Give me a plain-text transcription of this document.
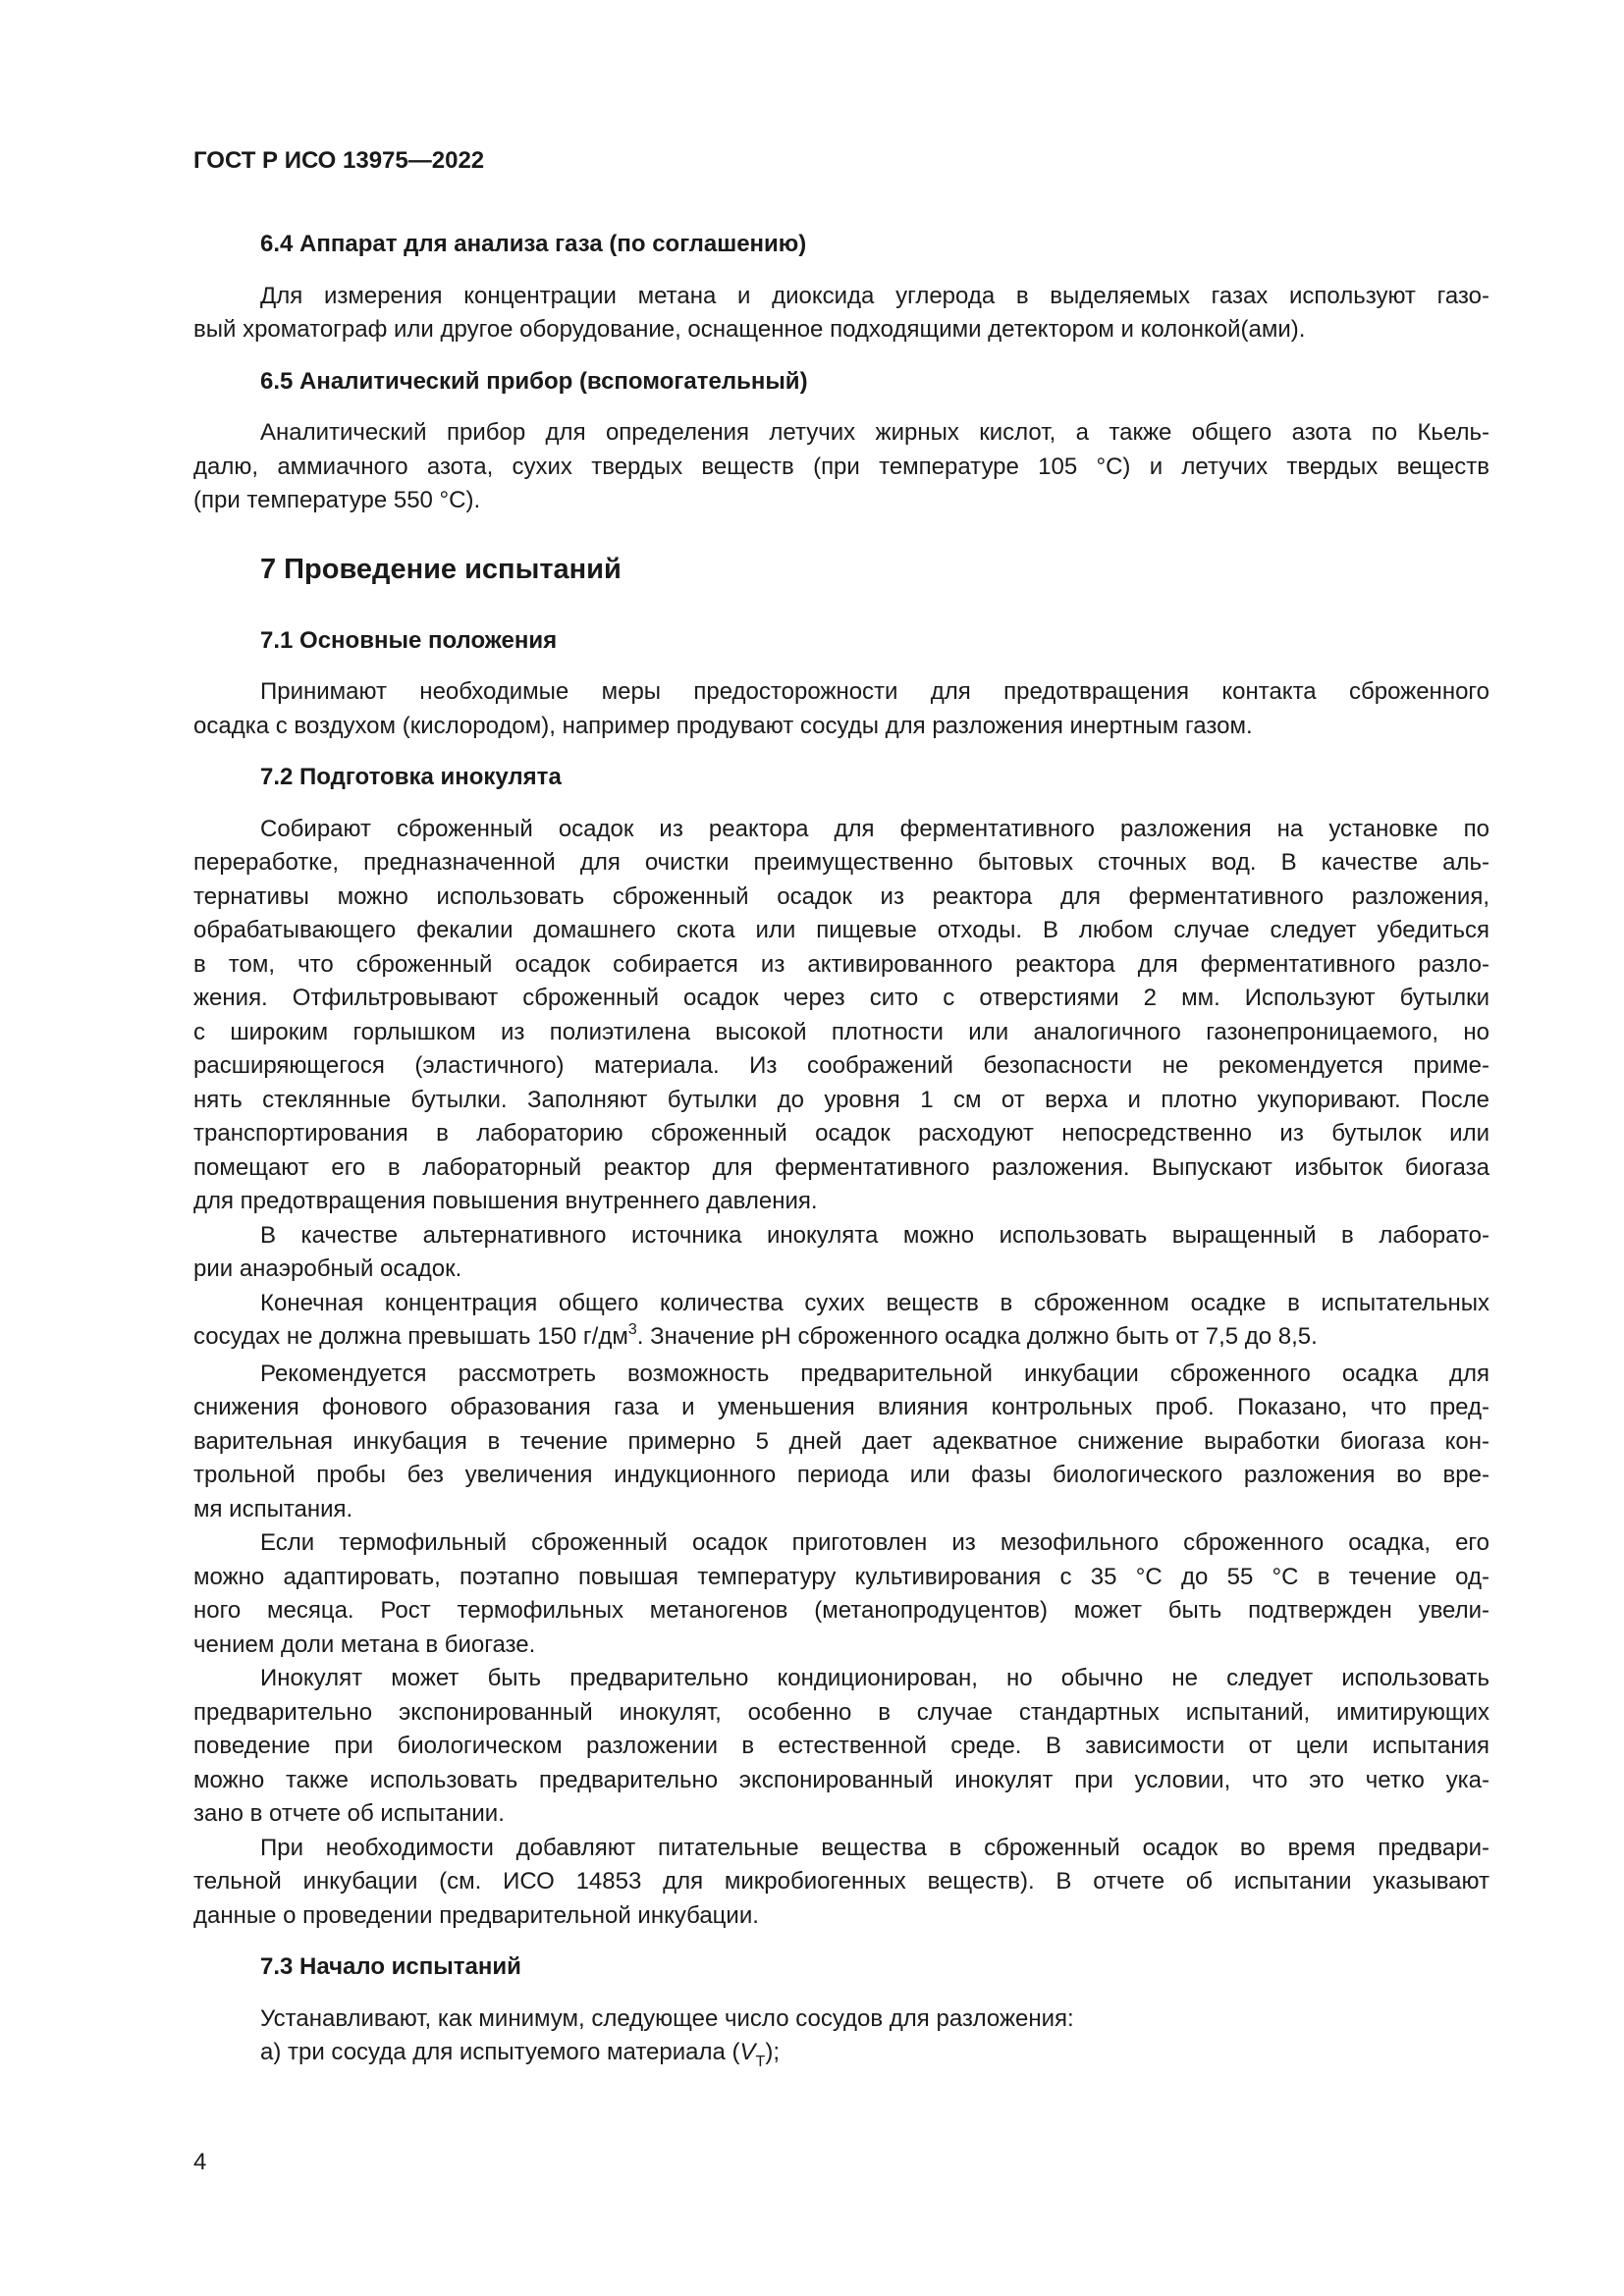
ГОСТ Р ИСО 13975—2022

6.4 Аппарат для анализа газа (по соглашению)
Для измерения концентрации метана и диоксида углерода в выделяемых газах используют газо-
вый хроматограф или другое оборудование, оснащенное подходящими детектором и колонкой(ами).
6.5 Аналитический прибор (вспомогательный)
Аналитический прибор для определения летучих жирных кислот, а также общего азота по Кьель-
далю, аммиачного азота, сухих твердых веществ (при температуре 105 °С) и летучих твердых веществ
(при температуре 550 °С).
7 Проведение испытаний
7.1 Основные положения
Принимают необходимые меры предосторожности для предотвращения контакта сброженного
осадка с воздухом (кислородом), например продувают сосуды для разложения инертным газом.
7.2 Подготовка инокулята
Собирают сброженный осадок из реактора для ферментативного разложения на установке по
переработке, предназначенной для очистки преимущественно бытовых сточных вод. В качестве аль-
тернативы можно использовать сброженный осадок из реактора для ферментативного разложения,
обрабатывающего фекалии домашнего скота или пищевые отходы. В любом случае следует убедиться
в том, что сброженный осадок собирается из активированного реактора для ферментативного разло-
жения. Отфильтровывают сброженный осадок через сито с отверстиями 2 мм. Используют бутылки
с широким горлышком из полиэтилена высокой плотности или аналогичного газонепроницаемого, но
расширяющегося (эластичного) материала. Из соображений безопасности не рекомендуется приме-
нять стеклянные бутылки. Заполняют бутылки до уровня 1 см от верха и плотно укупоривают. После
транспортирования в лабораторию сброженный осадок расходуют непосредственно из бутылок или
помещают его в лабораторный реактор для ферментативного разложения. Выпускают избыток биогаза
для предотвращения повышения внутреннего давления.
В качестве альтернативного источника инокулята можно использовать выращенный в лаборато-
рии анаэробный осадок.
Конечная концентрация общего количества сухих веществ в сброженном осадке в испытательных
сосудах не должна превышать 150 $г/дм^3$. Значение pH сброженного осадка должно быть от 7,5 до 8,5.
Рекомендуется рассмотреть возможность предварительной инкубации сброженного осадка для
снижения фонового образования газа и уменьшения влияния контрольных проб. Показано, что пред-
варительная инкубация в течение примерно 5 дней дает адекватное снижение выработки биогаза кон-
трольной пробы без увеличения индукционного периода или фазы биологического разложения во вре-
мя испытания.
Если термофильный сброженный осадок приготовлен из мезофильного сброженного осадка, его
можно адаптировать, поэтапно повышая температуру культивирования с 35 °С до 55 °С в течение од-
ного месяца. Рост термофильных метаногенов (метанопродуцентов) может быть подтвержден увели-
чением доли метана в биогазе.
Инокулят может быть предварительно кондиционирован, но обычно не следует использовать
предварительно экспонированный инокулят, особенно в случае стандартных испытаний, имитирующих
поведение при биологическом разложении в естественной среде. В зависимости от цели испытания
можно также использовать предварительно экспонированный инокулят при условии, что это четко ука-
зано в отчете об испытании.
При необходимости добавляют питательные вещества в сброженный осадок во время предвари-
тельной инкубации (см. ИСО 14853 для микробиогенных веществ). В отчете об испытании указывают
данные о проведении предварительной инкубации.
7.3 Начало испытаний
Устанавливают, как минимум, следующее число сосудов для разложения:
а) три сосуда для испытуемого материала $(V_T)$;

4
